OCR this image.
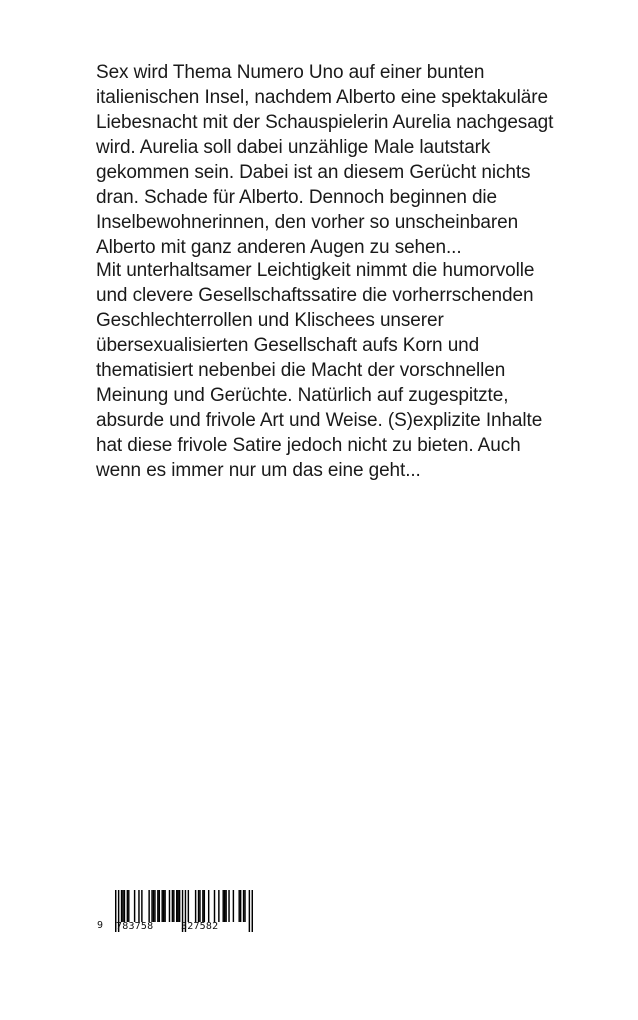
Sex wird Thema Numero Uno auf einer bunten
italienischen Insel, nachdem Alberto eine spektakuläre
Liebesnacht mit der Schauspielerin Aurelia nachgesagt
wird. Aurelia soll dabei unzählige Male lautstark
gekommen sein. Dabei ist an diesem Gerücht nichts
dran. Schade für Alberto. Dennoch beginnen die
Inselbewohnerinnen, den vorher so unscheinbaren
Alberto mit ganz anderen Augen zu sehen...
Mit unterhaltsamer Leichtigkeit nimmt die humorvolle
und clevere Gesellschaftssatire die vorherrschenden
Geschlechterrollen und Klischees unserer
übersexualisierten Gesellschaft aufs Korn und
thematisiert nebenbei die Macht der vorschnellen
Meinung und Gerüchte. Natürlich auf zugespitzte,
absurde und frivole Art und Weise. (S)explizite Inhalte
hat diese frivole Satire jedoch nicht zu bieten. Auch
wenn es immer nur um das eine geht...
9 783758	327582
